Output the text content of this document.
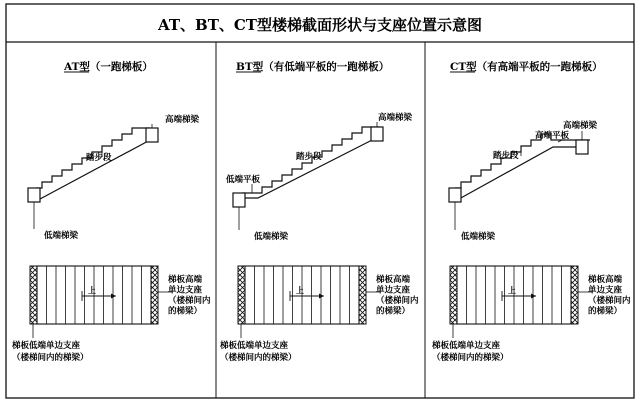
AT、BT、CT型楼梯截面形状与支座位置示意图
AT型（一跑梯板）	BT型（有低端平板的一跑梯板）	CT型（有高端平板的一跑梯板）
高端梯梁
踏步段
低端梯梁
高端梯梁
踏步段
低端平板
低端梯梁
高端梯梁
高端平板
踏步段
低端梯梁
上
梯板高端
单边支座
（楼梯间内
的梯梁）
梯板低端单边支座
（楼梯间内的梯梁）
上
梯板高端
单边支座
（楼梯间内
的梯梁）
梯板低端单边支座
（楼梯间内的梯梁）
上
梯板高端
单边支座
（楼梯间内
的梯梁）
梯板低端单边支座
（楼梯间内的梯梁）
